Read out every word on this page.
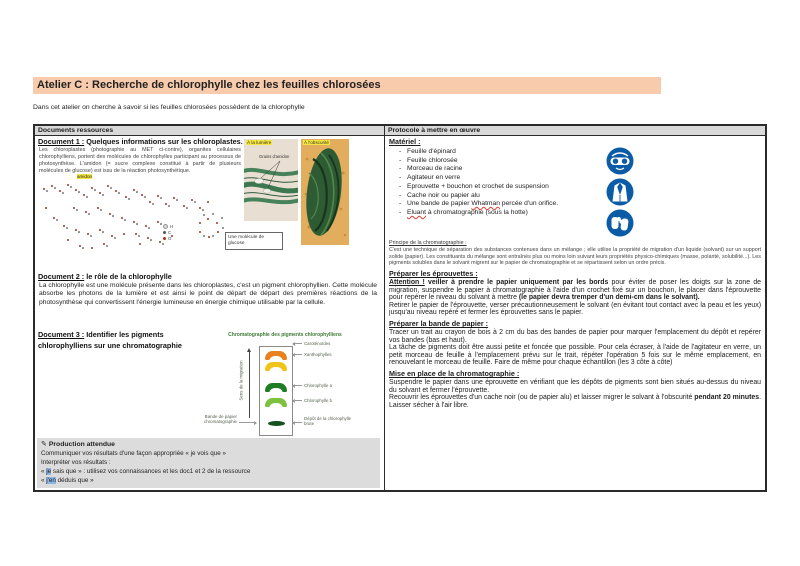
Atelier C : Recherche de chlorophylle chez les feuilles chlorosées
Dans cet atelier on cherche à savoir si les feuilles chlorosées possèdent de la chlorophylle
Documents ressources
Document 1 : Quelques informations sur les chloroplastes.
Les chloroplastes (photographie au MET ci-contre), organites cellulaires chlorophylliens, portent des molécules de chlorophylles participant au processus de photosynthèse. L'amidon (= sucre complexe constitué à partir de plusieurs molécules de glucose) est issu de la réaction photosynthétique.
À la lumière
Grains d'amidon
À l'obscurité
amidon
H
C
O	Une molécule de glucose
Document 2 : le rôle de la chlorophylle
La chlorophylle est une molécule présente dans les chloroplastes, c'est un pigment chlorophyllien. Cette molécule absorbe les photons de la lumière et est ainsi le point de départ de départ des premières réactions de la photosynthèse qui convertissent l'énergie lumineuse en énergie chimique utilisable par la cellule.
Document 3 : Identifier les pigments chlorophylliens sur une chromatographie
Chromatographie des pigments chlorophylliens
Sens de la migration
Caroténoïdes
Xanthophylles
Chlorophylle a
Chlorophylle b
Dépôt de la chlorophylle brute
Bande de papier chromatographie
✎ Production attendue
Communiquer vos résultats d'une façon appropriée « je vois que »
Interpréter vos résultats :
« je sais que » : utilisez vos connaissances et les doc1 et 2 de la ressource
« j'en déduis que »
Protocole à mettre en œuvre
Matériel :
- Feuille d'épinard
- Feuille chlorosée
- Morceau de racine
- Agitateur en verre
- Eprouvette + bouchon et crochet de suspension
- Cache noir ou papier alu
- Une bande de papier Whatman percée d'un orifice.
- Eluant à chromatographie (sous la hotte)
Principe de la chromatographie :
C'est une technique de séparation des substances contenues dans un mélange ; elle utilise la propriété de migration d'un liquide (solvant) sur un support solide (papier). Les constituants du mélange sont entraînés plus ou moins loin suivant leurs propriétés physico-chimiques (masse, polarité, solubilité...). Les pigments solubles dans le solvant migrent sur le papier de chromatographie et se répartissent selon un ordre précis.
Préparer les éprouvettes :

Attention ! veiller à prendre le papier uniquement par les bords pour éviter de poser les doigts sur la zone de migration, suspendre le papier à chromatographie à l'aide d'un crochet fixé sur un bouchon, le placer dans l'éprouvette pour repérer le niveau du solvant à mettre (le papier devra tremper d'un demi-cm dans le solvant).

Retirer le papier de l'éprouvette, verser précautionneusement le solvant (en évitant tout contact avec la peau et les yeux) jusqu'au niveau repéré et fermer les éprouvettes sans le papier.

Préparer la bande de papier :

Tracer un trait au crayon de bois à 2 cm du bas des bandes de papier pour marquer l'emplacement du dépôt et repérer vos bandes (bas et haut).

La tâche de pigments doit être aussi petite et foncée que possible. Pour cela écraser, à l'aide de l'agitateur en verre, un petit morceau de feuille à l'emplacement prévu sur le trait, répéter l'opération 5 fois sur le même emplacement, en renouvelant le morceau de feuille. Faire de même pour chaque échantillon (les 3 côte à côte)

Mise en place de la chromatographie :

Suspendre le papier dans une éprouvette en vérifiant que les dépôts de pigments sont bien situés au-dessus du niveau du solvant et fermer l'éprouvette.

Recouvrir les éprouvettes d'un cache noir (ou de papier alu) et laisser migrer le solvant à l'obscurité pendant 20 minutes. Laisser sécher à l'air libre.
